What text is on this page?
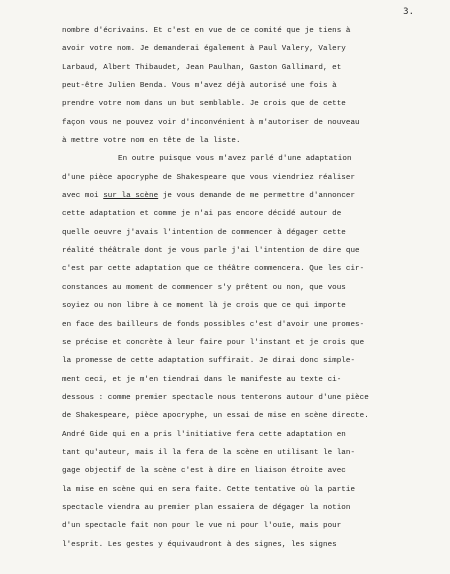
3.
nombre d'écrivains. Et c'est en vue de ce comité que je tiens à
avoir votre nom. Je demanderai également à Paul Valery, Valery
Larbaud, Albert Thibaudet, Jean Paulhan, Gaston Gallimard, et
peut-être Julien Benda. Vous m'avez déjà autorisé une fois à
prendre votre nom dans un but semblable. Je crois que de cette
façon vous ne pouvez voir d'inconvénient à m'autoriser de nouveau
à mettre votre nom en tête de la liste.
En outre puisque vous m'avez parlé d'une adaptation
d'une pièce apocryphe de Shakespeare que vous viendriez réaliser
avec moi sur la scène je vous demande de me permettre d'annoncer
cette adaptation et comme je n'ai pas encore décidé autour de
quelle oeuvre j'avais l'intention de commencer à dégager cette
réalité théâtrale dont je vous parle j'ai l'intention de dire que
c'est par cette adaptation que ce théâtre commencera. Que les cir-
constances au moment de commencer s'y prêtent ou non, que vous
soyiez ou non libre à ce moment là je crois que ce qui importe
en face des bailleurs de fonds possibles c'est d'avoir une promes-
se précise et concrète à leur faire pour l'instant et je crois que
la promesse de cette adaptation suffirait. Je dirai donc simple-
ment ceci, et je m'en tiendrai dans le manifeste au texte ci-
dessous : comme premier spectacle nous tenterons autour d'une pièce
de Shakespeare, pièce apocryphe, un essai de mise en scène directe.
André Gide qui en a pris l'initiative fera cette adaptation en
tant qu'auteur, mais il la fera de la scène en utilisant le lan-
gage objectif de la scène c'est à dire en liaison étroite avec
la mise en scène qui en sera faite. Cette tentative où la partie
spectacle viendra au premier plan essaiera de dégager la notion
d'un spectacle fait non pour le vue ni pour l'ouïe, mais pour
l'esprit. Les gestes y équivaudront à des signes, les signes
